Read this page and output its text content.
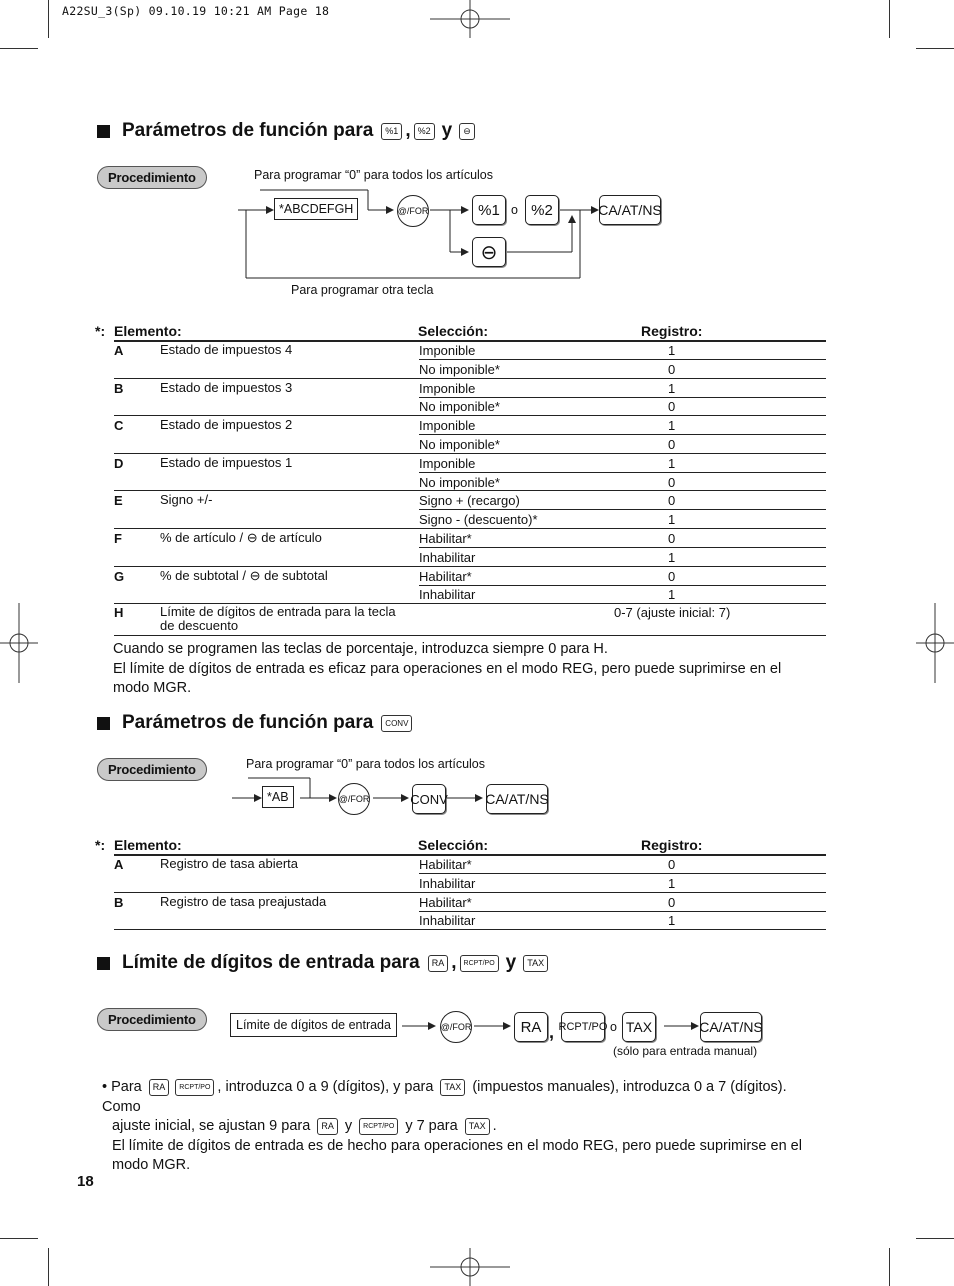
A22SU_3(Sp) 09.10.19 10:21 AM Page 18
Parámetros de función para	%1 , %2 y	⊖
Procedimiento	Para programar “0” para todos los artículos
*ABCDEFGH	@/FOR	%1 o %2	CA/AT/NS
⊖
Para programar otra tecla
*: Elemento:	Selección:	Registro:
A	Estado de impuestos 4	Imponible	1
No imponible*	0
B	Estado de impuestos 3	Imponible	1
No imponible*	0
C	Estado de impuestos 2	Imponible	1
No imponible*	0
D	Estado de impuestos 1	Imponible	1
No imponible*	0
E	Signo +/-	Signo + (recargo)	0
Signo - (descuento)*	1
F	% de artículo / ⊖ de artículo	Habilitar*	0
Inhabilitar	1
G	% de subtotal / ⊖ de subtotal	Habilitar*	0
Inhabilitar	1
H	Límite de dígitos de entrada para la tecla
de descuento
0-7 (ajuste inicial: 7)
Cuando se programen las teclas de porcentaje, introduzca siempre 0 para H.
El límite de dígitos de entrada es eficaz para operaciones en el modo REG, pero puede suprimirse en el
modo MGR.
Parámetros de función para	CONV
Procedimiento	Para programar “0” para todos los artículos
*AB	@/FOR	CONV	CA/AT/NS
*: Elemento:	Selección:	Registro:
A	Registro de tasa abierta	Habilitar*	0
Inhabilitar	1
B	Registro de tasa preajustada	Habilitar*	0
Inhabilitar	1
Límite de dígitos de entrada para	RA ,	RCPT/PO y	TAX
Procedimiento	Límite de dígitos de entrada	@/FOR	RA , RCPT/PO o TAX	CA/AT/NS
(sólo para entrada manual)
• Para RA RCPT/PO , introduzca 0 a 9 (dígitos), y para TAX (impuestos manuales), introduzca 0 a 7 (dígitos). Como
ajuste inicial, se ajustan 9 para RA y RCPT/PO y 7 para TAX .
El límite de dígitos de entrada es de hecho para operaciones en el modo REG, pero puede suprimirse en el
modo MGR.
18
